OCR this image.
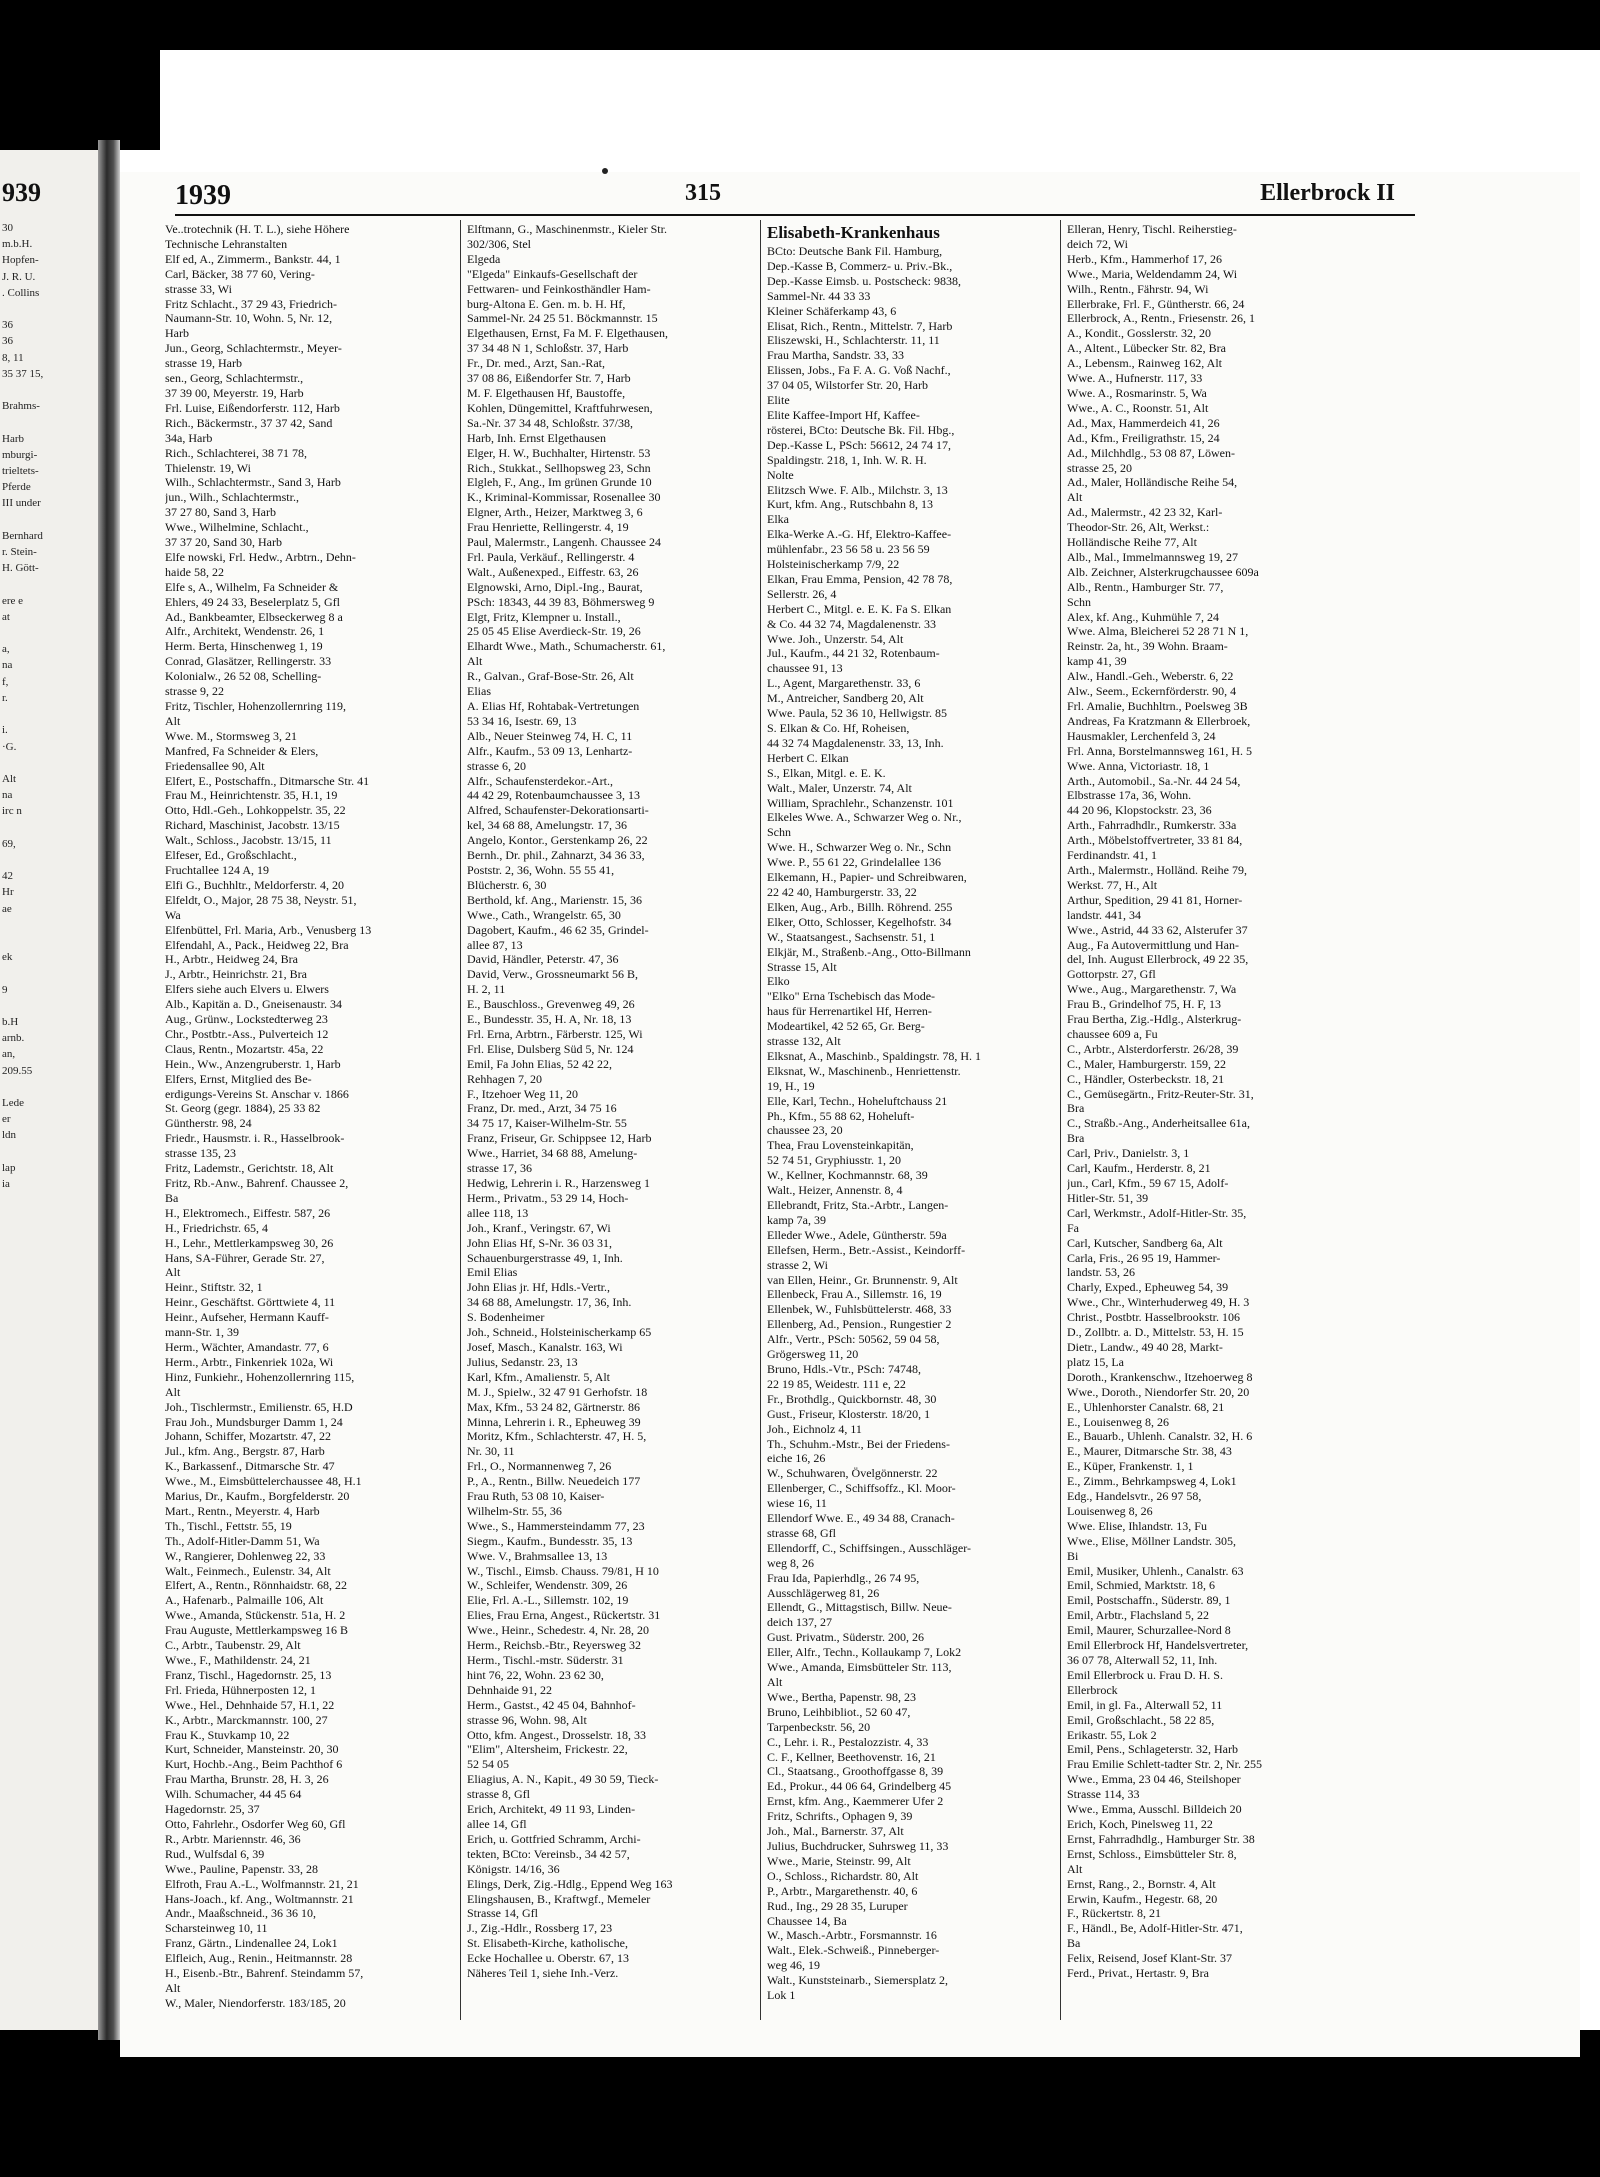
939
30
m.b.H.
Hopfen-
J. R. U.
. Collins

36
36
8, 11
35 37 15,

Brahms-

Harb
mburgi-
trieltets-
Pferde
III under

Bernhard
r. Stein-
H. Gött-

ere e
at

a,
na
f,
r.

i.
·G.

Alt
na
irc n

69,

42
Hr
ae

ek

9

b.H
arnb.
an,
209.55

Lede
er
ldn

lap
ia
1939	315	Ellerbrock II
Ve..trotechnik (H. T. L.), siehe Höhere
Technische Lehranstalten
Elf ed, A., Zimmerm., Bankstr. 44, 1
Carl, Bäcker, 38 77 60, Vering-
strasse 33, Wi
Fritz Schlacht., 37 29 43, Friedrich-
Naumann-Str. 10, Wohn. 5, Nr. 12,
Harb
Jun., Georg, Schlachtermstr., Meyer-
strasse 19, Harb
sen., Georg, Schlachtermstr.,
37 39 00, Meyerstr. 19, Harb
Frl. Luise, Eißendorferstr. 112, Harb
Rich., Bäckermstr., 37 37 42, Sand
34a, Harb
Rich., Schlachterei, 38 71 78,
Thielenstr. 19, Wi
Wilh., Schlachtermstr., Sand 3, Harb
jun., Wilh., Schlachtermstr.,
37 27 80, Sand 3, Harb
Wwe., Wilhelmine, Schlacht.,
37 37 20, Sand 30, Harb
Elfe nowski, Frl. Hedw., Arbtrn., Dehn-
haide 58, 22
Elfe s, A., Wilhelm, Fa Schneider &
Ehlers, 49 24 33, Beselerplatz 5, Gfl
Ad., Bankbeamter, Elbseckerweg 8 a
Alfr., Architekt, Wendenstr. 26, 1
Herm. Berta, Hinschenweg 1, 19
Conrad, Glasätzer, Rellingerstr. 33
Kolonialw., 26 52 08, Schelling-
strasse 9, 22
Fritz, Tischler, Hohenzollernring 119,
Alt
Wwe. M., Stormsweg 3, 21
Manfred, Fa Schneider & Elers,
Friedensallee 90, Alt
Elfert, E., Postschaffn., Ditmarsche Str. 41
Frau M., Heinrichtenstr. 35, H.1, 19
Otto, Hdl.-Geh., Lohkoppelstr. 35, 22
Richard, Maschinist, Jacobstr. 13/15
Walt., Schloss., Jacobstr. 13/15, 11
Elfeser, Ed., Großschlacht.,
Fruchtallee 124 A, 19
Elfi G., Buchhltr., Meldorferstr. 4, 20
Elfeldt, O., Major, 28 75 38, Neystr. 51,
Wa
Elfenbüttel, Frl. Maria, Arb., Venusberg 13
Elfendahl, A., Pack., Heidweg 22, Bra
H., Arbtr., Heidweg 24, Bra
J., Arbtr., Heinrichstr. 21, Bra
Elfers siehe auch Elvers u. Elwers
Alb., Kapitän a. D., Gneisenaustr. 34
Aug., Grünw., Lockstedterweg 23
Chr., Postbtr.-Ass., Pulverteich 12
Claus, Rentn., Mozartstr. 45a, 22
Hein., Ww., Anzengruberstr. 1, Harb
Elfers, Ernst, Mitglied des Be-
erdigungs-Vereins St. Anschar v. 1866
St. Georg (gegr. 1884), 25 33 82
Güntherstr. 98, 24
Friedr., Hausmstr. i. R., Hasselbrook-
strasse 135, 23
Fritz, Lademstr., Gerichtstr. 18, Alt
Fritz, Rb.-Anw., Bahrenf. Chaussee 2,
Ba
H., Elektromech., Eiffestr. 587, 26
H., Friedrichstr. 65, 4
H., Lehr., Mettlerkampsweg 30, 26
Hans, SA-Führer, Gerade Str. 27,
Alt
Heinr., Stiftstr. 32, 1
Heinr., Geschäftst. Görttwiete 4, 11
Heinr., Aufseher, Hermann Kauff-
mann-Str. 1, 39
Herm., Wächter, Amandastr. 77, 6
Herm., Arbtr., Finkenriek 102a, Wi
Hinz, Funkiehr., Hohenzollernring 115,
Alt
Joh., Tischlermstr., Emilienstr. 65, H.D
Frau Joh., Mundsburger Damm 1, 24
Johann, Schiffer, Mozartstr. 47, 22
Jul., kfm. Ang., Bergstr. 87, Harb
K., Barkassenf., Ditmarsche Str. 47
Wwe., M., Eimsbüttelerchaussee 48, H.1
Marius, Dr., Kaufm., Borgfelderstr. 20
Mart., Rentn., Meyerstr. 4, Harb
Th., Tischl., Fettstr. 55, 19
Th., Adolf-Hitler-Damm 51, Wa
W., Rangierer, Dohlenweg 22, 33
Walt., Feinmech., Eulenstr. 34, Alt
Elfert, A., Rentn., Rönnhaidstr. 68, 22
A., Hafenarb., Palmaille 106, Alt
Wwe., Amanda, Stückenstr. 51a, H. 2
Frau Auguste, Mettlerkampsweg 16 B
C., Arbtr., Taubenstr. 29, Alt
Wwe., F., Mathildenstr. 24, 21
Franz, Tischl., Hagedornstr. 25, 13
Frl. Frieda, Hühnerposten 12, 1
Wwe., Hel., Dehnhaide 57, H.1, 22
K., Arbtr., Marckmannstr. 100, 27
Frau K., Stuvkamp 10, 22
Kurt, Schneider, Mansteinstr. 20, 30
Kurt, Hochb.-Ang., Beim Pachthof 6
Frau Martha, Brunstr. 28, H. 3, 26
Wilh. Schumacher, 44 45 64
Hagedornstr. 25, 37
Otto, Fahrlehr., Osdorfer Weg 60, Gfl
R., Arbtr. Mariennstr. 46, 36
Rud., Wulfsdal 6, 39
Wwe., Pauline, Papenstr. 33, 28
Elfroth, Frau A.-L., Wolfmannstr. 21, 21
Hans-Joach., kf. Ang., Woltmannstr. 21
Andr., Maaßschneid., 36 36 10,
Scharsteinweg 10, 11
Franz, Gärtn., Lindenallee 24, Lok1
Elfleich, Aug., Renin., Heitmannstr. 28
H., Eisenb.-Btr., Bahrenf. Steindamm 57,
Alt
W., Maler, Niendorferstr. 183/185, 20
Elftmann, G., Maschinenmstr., Kieler Str.
302/306, Stel
Elgeda
"Elgeda" Einkaufs-Gesellschaft der
Fettwaren- und Feinkosthändler Ham-
burg-Altona E. Gen. m. b. H. Hf,
Sammel-Nr. 24 25 51. Böckmannstr. 15
Elgethausen, Ernst, Fa M. F. Elgethausen,
37 34 48 N 1, Schloßstr. 37, Harb
Fr., Dr. med., Arzt, San.-Rat,
37 08 86, Eißendorfer Str. 7, Harb
M. F. Elgethausen Hf, Baustoffe,
Kohlen, Düngemittel, Kraftfuhrwesen,
Sa.-Nr. 37 34 48, Schloßstr. 37/38,
Harb, Inh. Ernst Elgethausen
Elger, H. W., Buchhalter, Hirtenstr. 53
Rich., Stukkat., Sellhopsweg 23, Schn
Elgleh, F., Ang., Im grünen Grunde 10
K., Kriminal-Kommissar, Rosenallee 30
Elgner, Arth., Heizer, Marktweg 3, 6
Frau Henriette, Rellingerstr. 4, 19
Paul, Malermstr., Langenh. Chaussee 24
Frl. Paula, Verkäuf., Rellingerstr. 4
Walt., Außenexped., Eiffestr. 63, 26
Elgnowski, Arno, Dipl.-Ing., Baurat,
PSch: 18343, 44 39 83, Böhmersweg 9
Elgt, Fritz, Klempner u. Install.,
25 05 45 Elise Averdieck-Str. 19, 26
Elhardt Wwe., Math., Schumacherstr. 61,
Alt
R., Galvan., Graf-Bose-Str. 26, Alt
Elias
A. Elias Hf, Rohtabak-Vertretungen
53 34 16, Isestr. 69, 13
Alb., Neuer Steinweg 74, H. C, 11
Alfr., Kaufm., 53 09 13, Lenhartz-
strasse 6, 20
Alfr., Schaufensterdekor.-Art.,
44 42 29, Rotenbaumchaussee 3, 13
Alfred, Schaufenster-Dekorationsarti-
kel, 34 68 88, Amelungstr. 17, 36
Angelo, Kontor., Gerstenkamp 26, 22
Bernh., Dr. phil., Zahnarzt, 34 36 33,
Poststr. 2, 36, Wohn. 55 55 41,
Blücherstr. 6, 30
Berthold, kf. Ang., Marienstr. 15, 36
Wwe., Cath., Wrangelstr. 65, 30
Dagobert, Kaufm., 46 62 35, Grindel-
allee 87, 13
David, Händler, Peterstr. 47, 36
David, Verw., Grossneumarkt 56 B,
H. 2, 11
E., Bauschloss., Grevenweg 49, 26
E., Bundesstr. 35, H. A, Nr. 18, 13
Frl. Erna, Arbtrn., Färberstr. 125, Wi
Frl. Elise, Dulsberg Süd 5, Nr. 124
Emil, Fa John Elias, 52 42 22,
Rehhagen 7, 20
F., Itzehoer Weg 11, 20
Franz, Dr. med., Arzt, 34 75 16
34 75 17, Kaiser-Wilhelm-Str. 55
Franz, Friseur, Gr. Schippsee 12, Harb
Wwe., Harriet, 34 68 88, Amelung-
strasse 17, 36
Hedwig, Lehrerin i. R., Harzensweg 1
Herm., Privatm., 53 29 14, Hoch-
allee 118, 13
Joh., Kranf., Veringstr. 67, Wi
John Elias Hf, S-Nr. 36 03 31,
Schauenburgerstrasse 49, 1, Inh.
Emil Elias
John Elias jr. Hf, Hdls.-Vertr.,
34 68 88, Amelungstr. 17, 36, Inh.
S. Bodenheimer
Joh., Schneid., Holsteinischerkamp 65
Josef, Masch., Kanalstr. 163, Wi
Julius, Sedanstr. 23, 13
Karl, Kfm., Amalienstr. 5, Alt
M. J., Spielw., 32 47 91 Gerhofstr. 18
Max, Kfm., 53 24 82, Gärtnerstr. 86
Minna, Lehrerin i. R., Epheuweg 39
Moritz, Kfm., Schlachterstr. 47, H. 5,
Nr. 30, 11
Frl., O., Normannenweg 7, 26
P., A., Rentn., Billw. Neuedeich 177
Frau Ruth, 53 08 10, Kaiser-
Wilhelm-Str. 55, 36
Wwe., S., Hammersteindamm 77, 23
Siegm., Kaufm., Bundesstr. 35, 13
Wwe. V., Brahmsallee 13, 13
W., Tischl., Eimsb. Chauss. 79/81, H 10
W., Schleifer, Wendenstr. 309, 26
Elie, Frl. A.-L., Sillemstr. 102, 19
Elies, Frau Erna, Angest., Rückertstr. 31
Wwe., Heinr., Schedestr. 4, Nr. 28, 20
Herm., Reichsb.-Btr., Reyersweg 32
Herm., Tischl.-mstr. Süderstr. 31
hint 76, 22, Wohn. 23 62 30,
Dehnhaide 91, 22
Herm., Gastst., 42 45 04, Bahnhof-
strasse 96, Wohn. 98, Alt
Otto, kfm. Angest., Drosselstr. 18, 33
"Elim", Altersheim, Frickestr. 22,
52 54 05
Eliagius, A. N., Kapit., 49 30 59, Tieck-
strasse 8, Gfl
Erich, Architekt, 49 11 93, Linden-
allee 14, Gfl
Erich, u. Gottfried Schramm, Archi-
tekten, BCto: Vereinsb., 34 42 57,
Königstr. 14/16, 36
Elings, Derk, Zig.-Hdlg., Eppend Weg 163
Elingshausen, B., Kraftwgf., Memeler
Strasse 14, Gfl
J., Zig.-Hdlr., Rossberg 17, 23
St. Elisabeth-Kirche, katholische,
Ecke Hochallee u. Oberstr. 67, 13
Näheres Teil 1, siehe Inh.-Verz.
Elisabeth-Krankenhaus
BCto: Deutsche Bank Fil. Hamburg,
Dep.-Kasse B, Commerz- u. Priv.-Bk.,
Dep.-Kasse Eimsb. u. Postscheck: 9838,
Sammel-Nr. 44 33 33
Kleiner Schäferkamp 43, 6
Elisat, Rich., Rentn., Mittelstr. 7, Harb
Eliszewski, H., Schlachterstr. 11, 11
Frau Martha, Sandstr. 33, 33
Elissen, Jobs., Fa F. A. G. Voß Nachf.,
37 04 05, Wilstorfer Str. 20, Harb
Elite
Elite Kaffee-Import Hf, Kaffee-
rösterei, BCto: Deutsche Bk. Fil. Hbg.,
Dep.-Kasse L, PSch: 56612, 24 74 17,
Spaldingstr. 218, 1, Inh. W. R. H.
Nolte
Elitzsch Wwe. F. Alb., Milchstr. 3, 13
Kurt, kfm. Ang., Rutschbahn 8, 13
Elka
Elka-Werke A.-G. Hf, Elektro-Kaffee-
mühlenfabr., 23 56 58 u. 23 56 59
Holsteinischerkamp 7/9, 22
Elkan, Frau Emma, Pension, 42 78 78,
Sellerstr. 26, 4
Herbert C., Mitgl. e. E. K. Fa S. Elkan
& Co. 44 32 74, Magdalenenstr. 33
Wwe. Joh., Unzerstr. 54, Alt
Jul., Kaufm., 44 21 32, Rotenbaum-
chaussee 91, 13
L., Agent, Margarethenstr. 33, 6
M., Antreicher, Sandberg 20, Alt
Wwe. Paula, 52 36 10, Hellwigstr. 85
S. Elkan & Co. Hf, Roheisen,
44 32 74 Magdalenenstr. 33, 13, Inh.
Herbert C. Elkan
S., Elkan, Mitgl. e. E. K.
Walt., Maler, Unzerstr. 74, Alt
William, Sprachlehr., Schanzenstr. 101
Elkeles Wwe. A., Schwarzer Weg o. Nr.,
Schn
Wwe. H., Schwarzer Weg o. Nr., Schn
Wwe. P., 55 61 22, Grindelallee 136
Elkemann, H., Papier- und Schreibwaren,
22 42 40, Hamburgerstr. 33, 22
Elken, Aug., Arb., Billh. Röhrend. 255
Elker, Otto, Schlosser, Kegelhofstr. 34
W., Staatsangest., Sachsenstr. 51, 1
Elkjär, M., Straßenb.-Ang., Otto-Billmann
Strasse 15, Alt
Elko
"Elko" Erna Tschebisch das Mode-
haus für Herrenartikel Hf, Herren-
Modeartikel, 42 52 65, Gr. Berg-
strasse 132, Alt
Elksnat, A., Maschinb., Spaldingstr. 78, H. 1
Elksnat, W., Maschinenb., Henriettenstr.
19, H., 19
Elle, Karl, Techn., Hoheluftchauss 21
Ph., Kfm., 55 88 62, Hoheluft-
chaussee 23, 20
Thea, Frau Lovensteinkapitän,
52 74 51, Gryphiusstr. 1, 20
W., Kellner, Kochmannstr. 68, 39
Walt., Heizer, Annenstr. 8, 4
Ellebrandt, Fritz, Sta.-Arbtr., Langen-
kamp 7a, 39
Elleder Wwe., Adele, Güntherstr. 59a
Ellefsen, Herm., Betr.-Assist., Keindorff-
strasse 2, Wi
van Ellen, Heinr., Gr. Brunnenstr. 9, Alt
Ellenbeck, Frau A., Sillemstr. 16, 19
Ellenbek, W., Fuhlsbüttelerstr. 468, 33
Ellenberg, Ad., Pension., Rungestiег 2
Alfr., Vertr., PSch: 50562, 59 04 58,
Grögersweg 11, 20
Bruno, Hdls.-Vtr., PSch: 74748,
22 19 85, Weidestr. 111 e, 22
Fr., Brothdlg., Quickbornstr. 48, 30
Gust., Friseur, Klosterstr. 18/20, 1
Joh., Eichnolz 4, 11
Th., Schuhm.-Mstr., Bei der Friedens-
eiche 16, 26
W., Schuhwaren, Övelgönnerstr. 22
Ellenberger, C., Schiffsoffz., Kl. Moor-
wiese 16, 11
Ellendorf Wwe. E., 49 34 88, Cranach-
strasse 68, Gfl
Ellendorff, C., Schiffsingen., Ausschläger-
weg 8, 26
Frau Ida, Papierhdlg., 26 74 95,
Ausschlägerweg 81, 26
Ellendt, G., Mittagstisch, Billw. Neue-
deich 137, 27
Gust. Privatm., Süderstr. 200, 26
Eller, Alfr., Techn., Kollaukamp 7, Lok2
Wwe., Amanda, Eimsbütteler Str. 113,
Alt
Wwe., Bertha, Papenstr. 98, 23
Bruno, Leihbibliot., 52 60 47,
Tarpenbeckstr. 56, 20
C., Lehr. i. R., Pestalozzistr. 4, 33
C. F., Kellner, Beethovenstr. 16, 21
Cl., Staatsang., Groothoffgasse 8, 39
Ed., Prokur., 44 06 64, Grindelberg 45
Ernst, kfm. Ang., Kaemmerer Ufer 2
Fritz, Schrifts., Ophagen 9, 39
Joh., Mal., Barnerstr. 37, Alt
Julius, Buchdrucker, Suhrsweg 11, 33
Wwe., Marie, Steinstr. 99, Alt
O., Schloss., Richardstr. 80, Alt
P., Arbtr., Margarethenstr. 40, 6
Rud., Ing., 29 28 35, Luruper
Chaussee 14, Ba
W., Masch.-Arbtr., Forsmannstr. 16
Walt., Elek.-Schweiß., Pinneberger-
weg 46, 19
Walt., Kunststeinarb., Siemersplatz 2,
Lok 1
Elleran, Henry, Tischl. Reiherstieg-
deich 72, Wi
Herb., Kfm., Hammerhof 17, 26
Wwe., Maria, Weldendamm 24, Wi
Wilh., Rentn., Fährstr. 94, Wi
Ellerbrake, Frl. F., Güntherstr. 66, 24
Ellerbrock, A., Rentn., Friesenstr. 26, 1
A., Kondit., Gosslerstr. 32, 20
A., Altent., Lübecker Str. 82, Bra
A., Lebensm., Rainweg 162, Alt
Wwe. A., Hufnerstr. 117, 33
Wwe. A., Rosmarinstr. 5, Wa
Wwe., A. C., Roonstr. 51, Alt
Ad., Max, Hammerdeich 41, 26
Ad., Kfm., Freiligrathstr. 15, 24
Ad., Milchhdlg., 53 08 87, Löwen-
strasse 25, 20
Ad., Maler, Holländische Reihe 54,
Alt
Ad., Malermstr., 42 23 32, Karl-
Theodor-Str. 26, Alt, Werkst.:
Holländische Reihe 77, Alt
Alb., Mal., Immelmannsweg 19, 27
Alb. Zeichner, Alsterkrugchaussee 609a
Alb., Rentn., Hamburger Str. 77,
Schn
Alex, kf. Ang., Kuhmühle 7, 24
Wwe. Alma, Bleicherei 52 28 71 N 1,
Reinstr. 2a, ht., 39 Wohn. Braam-
kamp 41, 39
Alw., Handl.-Geh., Weberstr. 6, 22
Alw., Seem., Eckernförderstr. 90, 4
Frl. Amalie, Buchhltrn., Poelsweg 3B
Andreas, Fa Kratzmann & Ellerbroek,
Hausmakler, Lerchenfeld 3, 24
Frl. Anna, Borstelmannsweg 161, H. 5
Wwe. Anna, Victoriastr. 18, 1
Arth., Automobil., Sa.-Nr. 44 24 54,
Elbstrasse 17a, 36, Wohn.
44 20 96, Klopstockstr. 23, 36
Arth., Fahrradhdlr., Rumkerstr. 33a
Arth., Möbelstoffvertreter, 33 81 84,
Ferdinandstr. 41, 1
Arth., Malermstr., Holländ. Reihe 79,
Werkst. 77, H., Alt
Arthur, Spedition, 29 41 81, Horner-
landstr. 441, 34
Wwe., Astrid, 44 33 62, Alsterufer 37
Aug., Fa Autovermittlung und Han-
del, Inh. August Ellerbrock, 49 22 35,
Gottorpstr. 27, Gfl
Wwe., Aug., Margarethenstr. 7, Wa
Frau B., Grindelhof 75, H. F, 13
Frau Bertha, Zig.-Hdlg., Alsterkrug-
chaussee 609 a, Fu
C., Arbtr., Alsterdorferstr. 26/28, 39
C., Maler, Hamburgerstr. 159, 22
C., Händler, Osterbeckstr. 18, 21
C., Gemüsegärtn., Fritz-Reuter-Str. 31,
Bra
C., Straßb.-Ang., Anderheitsallee 61a,
Bra
Carl, Priv., Danielstr. 3, 1
Carl, Kaufm., Herderstr. 8, 21
jun., Carl, Kfm., 59 67 15, Adolf-
Hitler-Str. 51, 39
Carl, Werkmstr., Adolf-Hitler-Str. 35,
Fa
Carl, Kutscher, Sandberg 6a, Alt
Carla, Fris., 26 95 19, Hammer-
landstr. 53, 26
Charly, Exped., Epheuweg 54, 39
Wwe., Chr., Winterhuderweg 49, H. 3
Christ., Postbtr. Hasselbrookstr. 106
D., Zollbtr. a. D., Mittelstr. 53, H. 15
Dietr., Landw., 49 40 28, Markt-
platz 15, La
Doroth., Krankenschw., Itzehoerweg 8
Wwe., Doroth., Niendorfer Str. 20, 20
E., Uhlenhorster Canalstr. 68, 21
E., Louisenweg 8, 26
E., Bauarb., Uhlenh. Canalstr. 32, H. 6
E., Maurer, Ditmarsche Str. 38, 43
E., Küper, Frankenstr. 1, 1
E., Zimm., Behrkampsweg 4, Lok1
Edg., Handelsvtr., 26 97 58,
Louisenweg 8, 26
Wwe. Elise, Ihlandstr. 13, Fu
Wwe., Elise, Möllner Landstr. 305,
Bi
Emil, Musiker, Uhlenh., Canalstr. 63
Emil, Schmied, Marktstr. 18, 6
Emil, Postschaffn., Süderstr. 89, 1
Emil, Arbtr., Flachsland 5, 22
Emil, Maurer, Schurzallee-Nord 8
Emil Ellerbrock Hf, Handelsvertreter,
36 07 78, Alterwall 52, 11, Inh.
Emil Ellerbrock u. Frau D. H. S.
Ellerbrock
Emil, in gl. Fa., Alterwall 52, 11
Emil, Großschlacht., 58 22 85,
Erikastr. 55, Lok 2
Emil, Pens., Schlageterstr. 32, Harb
Frau Emilie Schlett-tadter Str. 2, Nr. 255
Wwe., Emma, 23 04 46, Steilshoper
Strasse 114, 33
Wwe., Emma, Ausschl. Billdeich 20
Erich, Koch, Pinelsweg 11, 22
Ernst, Fahrradhdlg., Hamburger Str. 38
Ernst, Schloss., Eimsbütteler Str. 8,
Alt
Ernst, Rang., 2., Bornstr. 4, Alt
Erwin, Kaufm., Hegestr. 68, 20
F., Rückertstr. 8, 21
F., Händl., Be, Adolf-Hitler-Str. 471,
Ba
Felix, Reisend, Josef Klant-Str. 37
Ferd., Privat., Hertastr. 9, Bra
